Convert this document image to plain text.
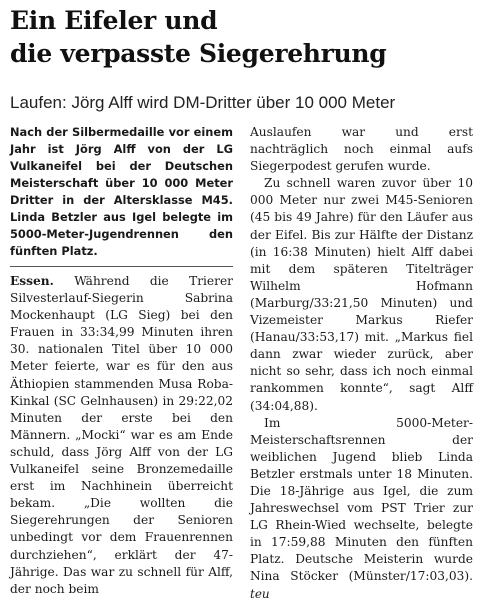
Ein Eifeler und
die verpasste Siegerehrung
Laufen: Jörg Alff wird DM-Dritter über 10 000 Meter

Nach der Silbermedaille vor einem Jahr ist Jörg Alff von der LG Vulkaneifel bei der Deutschen Meisterschaft über 10 000 Meter Dritter in der Altersklasse M45. Linda Betzler aus Igel belegte im 5000-Meter-Jugendrennen den fünften Platz.

Essen. Während die Trierer Silvesterlauf-Siegerin Sabrina Mockenhaupt (LG Sieg) bei den Frauen in 33:34,99 Minuten ihren 30. nationalen Titel über 10 000 Meter feierte, war es für den aus Äthiopien stammenden Musa Roba-Kinkal (SC Gelnhausen) in 29:22,02 Minuten der erste bei den Männern. „Mocki“ war es am Ende schuld, dass Jörg Alff von der LG Vulkaneifel seine Bronzemedaille erst im Nachhinein überreicht bekam. „Die wollten die Siegerehrungen der Senioren unbedingt vor dem Frauenrennen durchziehen“, erklärt der 47-Jährige. Das war zu schnell für Alff, der noch beim

Auslaufen war und erst nachträglich noch einmal aufs Siegerpodest gerufen wurde.

Zu schnell waren zuvor über 10 000 Meter nur zwei M45-Senioren (45 bis 49 Jahre) für den Läufer aus der Eifel. Bis zur Hälfte der Distanz (in 16:38 Minuten) hielt Alff dabei mit dem späteren Titelträger Wilhelm Hofmann (Marburg/33:21,50 Minuten) und Vizemeister Markus Riefer (Hanau/33:53,17) mit. „Markus fiel dann zwar wieder zurück, aber nicht so sehr, dass ich noch einmal rankommen konnte“, sagt Alff (34:04,88).

Im 5000-Meter-Meisterschaftsrennen der weiblichen Jugend blieb Linda Betzler erstmals unter 18 Minuten. Die 18-Jährige aus Igel, die zum Jahreswechsel vom PST Trier zur LG Rhein-Wied wechselte, belegte in 17:59,88 Minuten den fünften Platz. Deutsche Meisterin wurde Nina Stöcker (Münster/17:03,03). teu
